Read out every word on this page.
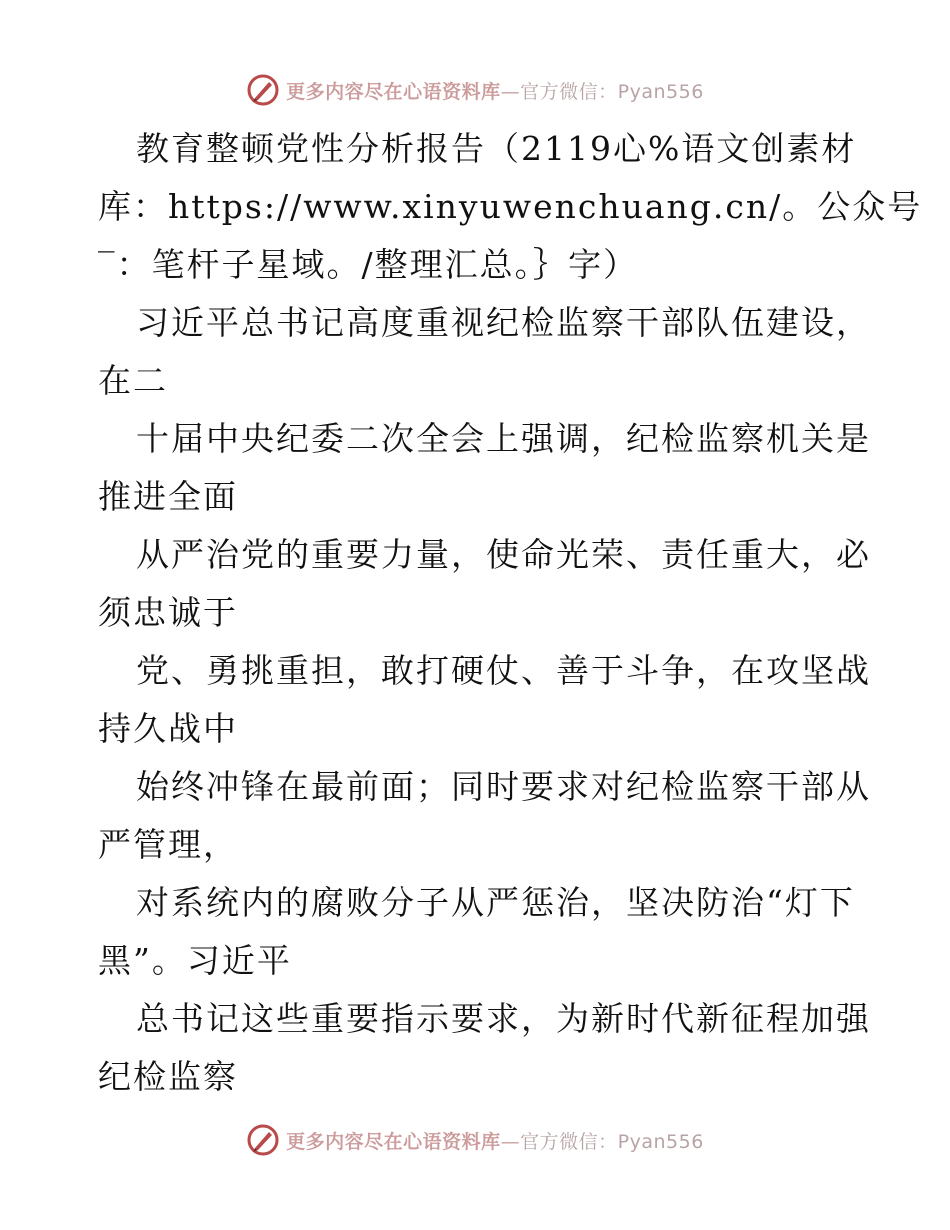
更多内容尽在心语资料库—官方微信：Pyan556
教育整顿党性分析报告（2119心%语文创素材
库：https://www.xinyuwenchuang.cn/。公众号
‾：笔杆子星域。/整理汇总。｝字）
习近平总书记高度重视纪检监察干部队伍建设，
在二
十届中央纪委二次全会上强调，纪检监察机关是
推进全面
从严治党的重要力量，使命光荣、责任重大，必
须忠诚于
党、勇挑重担，敢打硬仗、善于斗争，在攻坚战
持久战中
始终冲锋在最前面；同时要求对纪检监察干部从
严管理，
对系统内的腐败分子从严惩治，坚决防治“灯下
黑”。习近平
总书记这些重要指示要求，为新时代新征程加强
纪检监察
更多内容尽在心语资料库—官方微信：Pyan556
